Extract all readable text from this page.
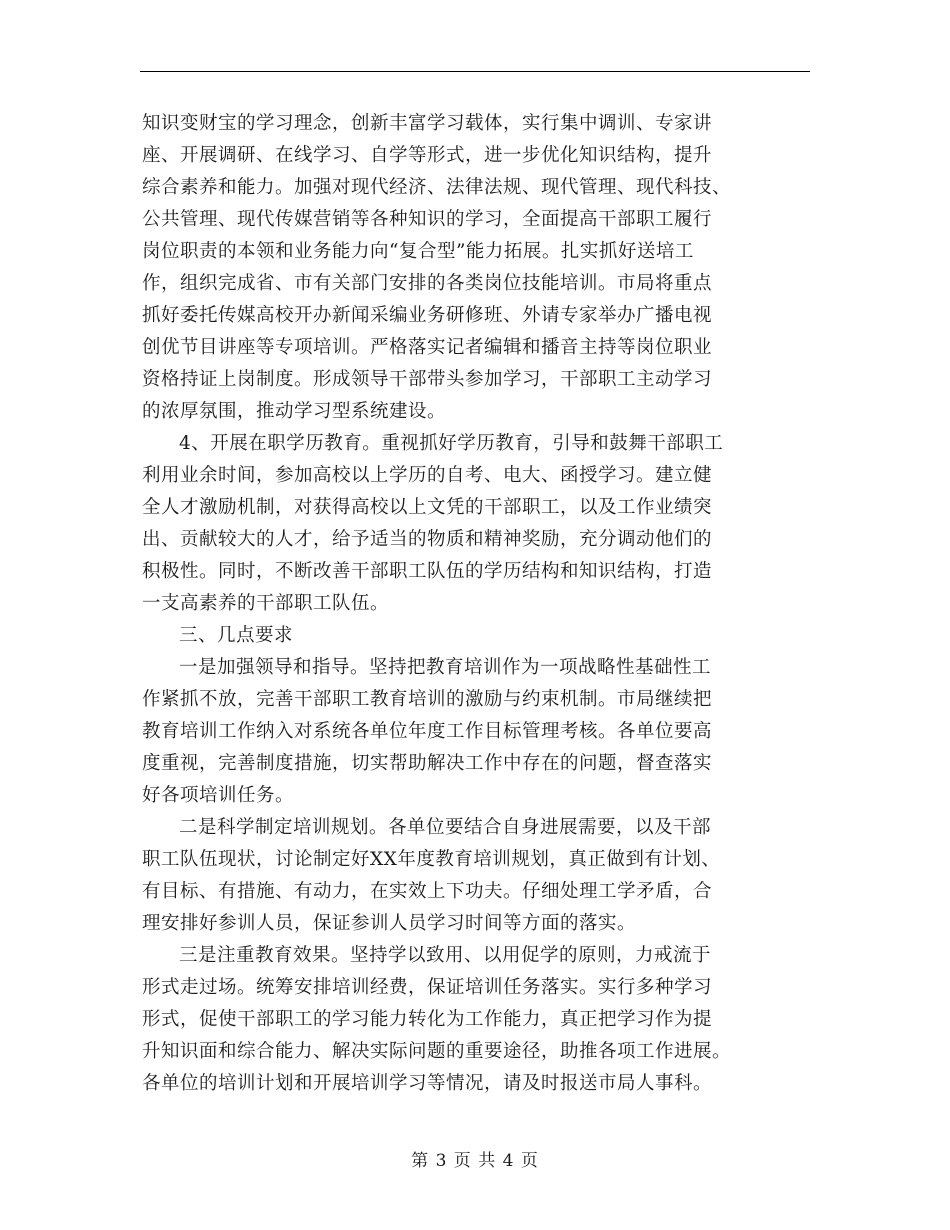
知识变财宝的学习理念，创新丰富学习载体，实行集中调训、专家讲
座、开展调研、在线学习、自学等形式，进一步优化知识结构，提升
综合素养和能力。加强对现代经济、法律法规、现代管理、现代科技、
公共管理、现代传媒营销等各种知识的学习，全面提高干部职工履行
岗位职责的本领和业务能力向“复合型”能力拓展。扎实抓好送培工
作，组织完成省、市有关部门安排的各类岗位技能培训。市局将重点
抓好委托传媒高校开办新闻采编业务研修班、外请专家举办广播电视
创优节目讲座等专项培训。严格落实记者编辑和播音主持等岗位职业
资格持证上岗制度。形成领导干部带头参加学习，干部职工主动学习
的浓厚氛围，推动学习型系统建设。
4、开展在职学历教育。重视抓好学历教育，引导和鼓舞干部职工
利用业余时间，参加高校以上学历的自考、电大、函授学习。建立健
全人才激励机制，对获得高校以上文凭的干部职工，以及工作业绩突
出、贡献较大的人才，给予适当的物质和精神奖励，充分调动他们的
积极性。同时，不断改善干部职工队伍的学历结构和知识结构，打造
一支高素养的干部职工队伍。
三、几点要求
一是加强领导和指导。坚持把教育培训作为一项战略性基础性工
作紧抓不放，完善干部职工教育培训的激励与约束机制。市局继续把
教育培训工作纳入对系统各单位年度工作目标管理考核。各单位要高
度重视，完善制度措施，切实帮助解决工作中存在的问题，督查落实
好各项培训任务。
二是科学制定培训规划。各单位要结合自身进展需要，以及干部
职工队伍现状，讨论制定好XX年度教育培训规划，真正做到有计划、
有目标、有措施、有动力，在实效上下功夫。仔细处理工学矛盾，合
理安排好参训人员，保证参训人员学习时间等方面的落实。
三是注重教育效果。坚持学以致用、以用促学的原则，力戒流于
形式走过场。统筹安排培训经费，保证培训任务落实。实行多种学习
形式，促使干部职工的学习能力转化为工作能力，真正把学习作为提
升知识面和综合能力、解决实际问题的重要途径，助推各项工作进展。
各单位的培训计划和开展培训学习等情况，请及时报送市局人事科。
第 3 页 共 4 页
